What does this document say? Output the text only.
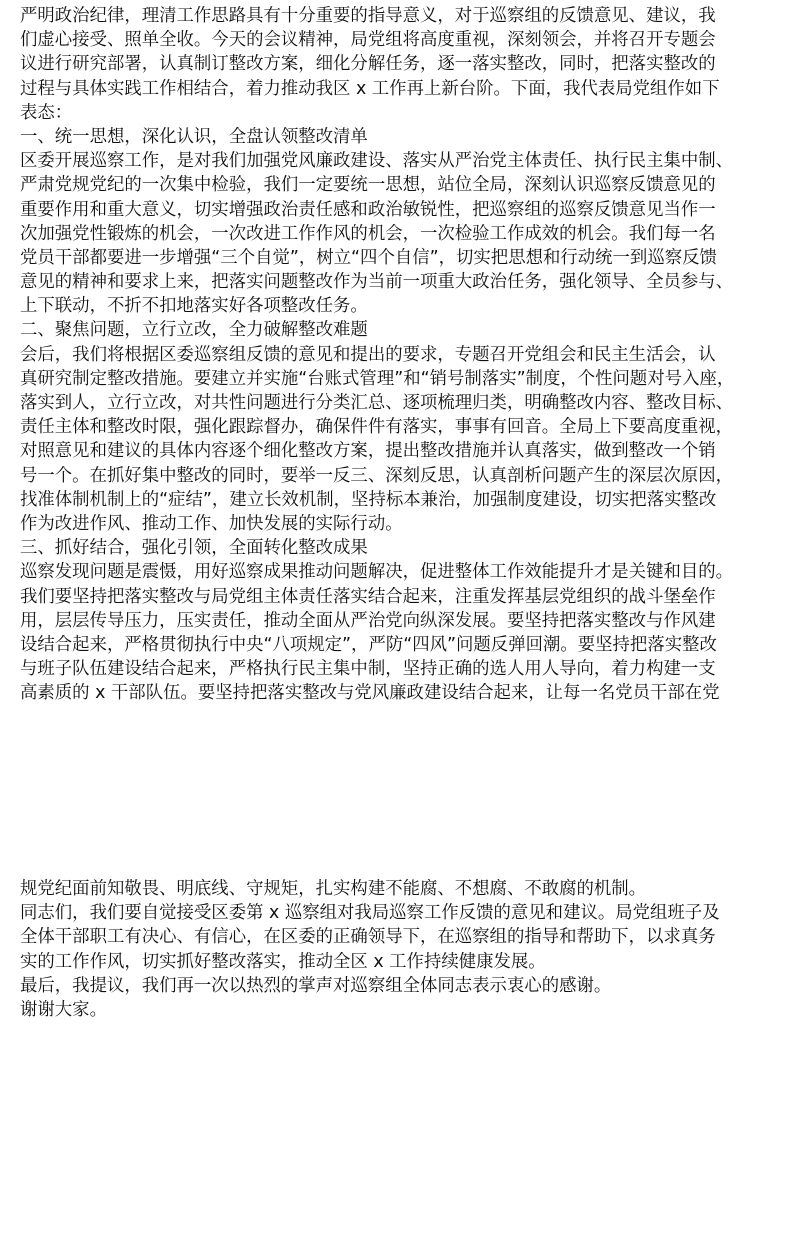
严明政治纪律，理清工作思路具有十分重要的指导意义，对于巡察组的反馈意见、建议，我
们虚心接受、照单全收。今天的会议精神，局党组将高度重视，深刻领会，并将召开专题会
议进行研究部署，认真制订整改方案，细化分解任务，逐一落实整改，同时，把落实整改的
过程与具体实践工作相结合，着力推动我区 x 工作再上新台阶。下面，我代表局党组作如下
表态：
一、统一思想，深化认识，全盘认领整改清单
区委开展巡察工作，是对我们加强党风廉政建设、落实从严治党主体责任、执行民主集中制、
严肃党规党纪的一次集中检验，我们一定要统一思想，站位全局，深刻认识巡察反馈意见的
重要作用和重大意义，切实增强政治责任感和政治敏锐性，把巡察组的巡察反馈意见当作一
次加强党性锻炼的机会，一次改进工作作风的机会，一次检验工作成效的机会。我们每一名
党员干部都要进一步增强“三个自觉”，树立“四个自信”，切实把思想和行动统一到巡察反馈
意见的精神和要求上来，把落实问题整改作为当前一项重大政治任务，强化领导、全员参与、
上下联动，不折不扣地落实好各项整改任务。
二、聚焦问题，立行立改，全力破解整改难题
会后，我们将根据区委巡察组反馈的意见和提出的要求，专题召开党组会和民主生活会，认
真研究制定整改措施。要建立并实施“台账式管理”和“销号制落实”制度，个性问题对号入座，
落实到人，立行立改，对共性问题进行分类汇总、逐项梳理归类，明确整改内容、整改目标、
责任主体和整改时限，强化跟踪督办，确保件件有落实，事事有回音。全局上下要高度重视，
对照意见和建议的具体内容逐个细化整改方案，提出整改措施并认真落实，做到整改一个销
号一个。在抓好集中整改的同时，要举一反三、深刻反思，认真剖析问题产生的深层次原因，
找准体制机制上的“症结”，建立长效机制，坚持标本兼治，加强制度建设，切实把落实整改
作为改进作风、推动工作、加快发展的实际行动。
三、抓好结合，强化引领，全面转化整改成果
巡察发现问题是震慑，用好巡察成果推动问题解决，促进整体工作效能提升才是关键和目的。
我们要坚持把落实整改与局党组主体责任落实结合起来，注重发挥基层党组织的战斗堡垒作
用，层层传导压力，压实责任，推动全面从严治党向纵深发展。要坚持把落实整改与作风建
设结合起来，严格贯彻执行中央“八项规定”，严防“四风”问题反弹回潮。要坚持把落实整改
与班子队伍建设结合起来，严格执行民主集中制，坚持正确的选人用人导向，着力构建一支
高素质的 x 干部队伍。要坚持把落实整改与党风廉政建设结合起来，让每一名党员干部在党
规党纪面前知敬畏、明底线、守规矩，扎实构建不能腐、不想腐、不敢腐的机制。
同志们，我们要自觉接受区委第 x 巡察组对我局巡察工作反馈的意见和建议。局党组班子及
全体干部职工有决心、有信心，在区委的正确领导下，在巡察组的指导和帮助下，以求真务
实的工作作风，切实抓好整改落实，推动全区 x 工作持续健康发展。
最后，我提议，我们再一次以热烈的掌声对巡察组全体同志表示衷心的感谢。
谢谢大家。
